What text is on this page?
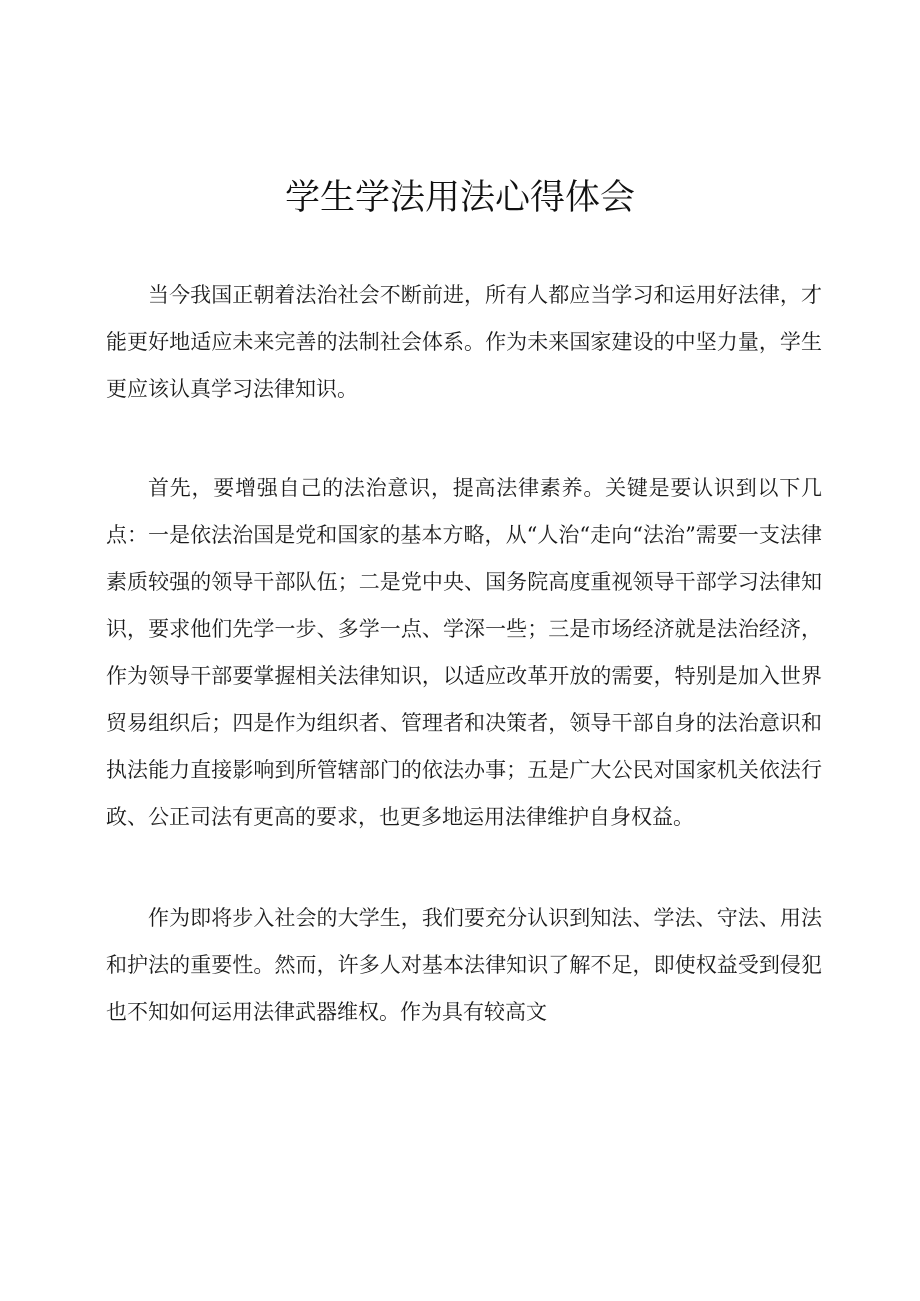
学生学法用法心得体会

当今我国正朝着法治社会不断前进，所有人都应当学习和运用好法律，才能更好地适应未来完善的法制社会体系。作为未来国家建设的中坚力量，学生更应该认真学习法律知识。

首先，要增强自己的法治意识，提高法律素养。关键是要认识到以下几点：一是依法治国是党和国家的基本方略，从“人治“走向“法治”需要一支法律素质较强的领导干部队伍；二是党中央、国务院高度重视领导干部学习法律知识，要求他们先学一步、多学一点、学深一些；三是市场经济就是法治经济，作为领导干部要掌握相关法律知识，以适应改革开放的需要，特别是加入世界贸易组织后；四是作为组织者、管理者和决策者，领导干部自身的法治意识和执法能力直接影响到所管辖部门的依法办事；五是广大公民对国家机关依法行政、公正司法有更高的要求，也更多地运用法律维护自身权益。

作为即将步入社会的大学生，我们要充分认识到知法、学法、守法、用法和护法的重要性。然而，许多人对基本法律知识了解不足，即使权益受到侵犯也不知如何运用法律武器维权。作为具有较高文
